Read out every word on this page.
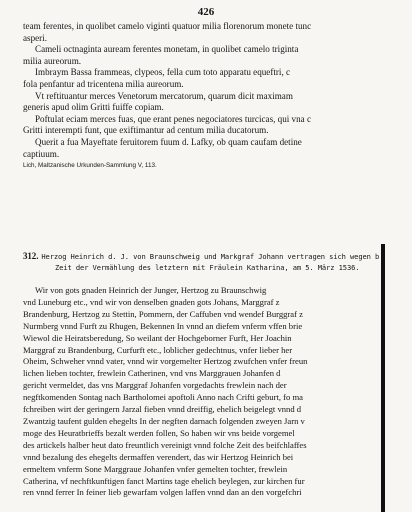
426
team ferentes, in quolibet camelo viginti quatuor milia florenorum monete tunc
asperi.
Cameli octnaginta auream ferentes monetam, in quolibet camelo triginta
milia aureorum.
Imbraym Bassa frammeas, clypeos, fella cum toto apparatu equeftri, c
fola penfantur ad tricentena milia aureorum.
Vt reftituantur merces Venetorum mercatorum, quarum dicit maximam
generis apud olim Gritti fuiffe copiam.
Poftulat eciam merces fuas, que erant penes negociatores turcicas, qui vna c
Gritti interempti funt, que exiftimantur ad centum milia ducatorum.
Querit a fua Mayeftate feruitorem fuum d. Lafky, ob quam caufam detine
captiuum.
Lich, Maltzanische Urkunden-Sammlung V, 113.
312. Herzog Heinrich d. J. von Braunschweig und Markgraf Johann vertragen sich wegen b
Zeit der Vermählung des letztern mit Fräulein Katharina, am 5. März 1536.
Wir von gots gnaden Heinrich der Junger, Hertzog zu Braunschwig
vnd Luneburg etc., vnd wir von denselben gnaden gots Johans, Marggraf z
Brandenburg, Hertzog zu Stettin, Pommern, der Caffuben vnd wendef Burggraf z
Nurmberg vnnd Furft zu Rhugen, Bekennen In vnnd an diefem vnferm vffen brie
Wiewol die Heiratsberedung, So weilant der Hochgeborner Furft, Her Joachin
Marggraf zu Brandenburg, Curfurft etc., loblicher gedechtnus, vnfer lieber her
Oheim, Schweher vnnd vater, vnnd wir vorgemelter Hertzog zwufchen vnfer freun
lichen lieben tochter, frewlein Catherinen, vnd vns Marggrauen Johanfen d
gericht vermeldet, das vns Marggraf Johanfen vorgedachts frewlein nach der
negftkomenden Sontag nach Bartholomei apoftoli Anno nach Crifti geburt, fo ma
fchreiben wirt der geringern Jarzal fieben vnnd dreiffig, ehelich beigelegt vnnd d
Zwantzig taufent gulden ehegelts In der negften darnach folgenden zweyen Jarn v
moge des Heuratbrieffs bezalt werden follen, So haben wir vns beide vorgemel
des artickels halber heut dato freuntlich vereinigt vnnd folche Zeit des beifchlaffes
vnnd bezalung des ehegelts dermaffen verendert, das wir Hertzog Heinrich bei
ermeltem vnferm Sone Marggraue Johanfen vnfer gemelten tochter, frewlein
Catherina, vf nechftkunftigen fanct Martins tage ehelich beylegen, zur kirchen fur
ren vnnd ferrer In feiner lieb gewarfam volgen laffen vnnd dan an den vorgefchri
